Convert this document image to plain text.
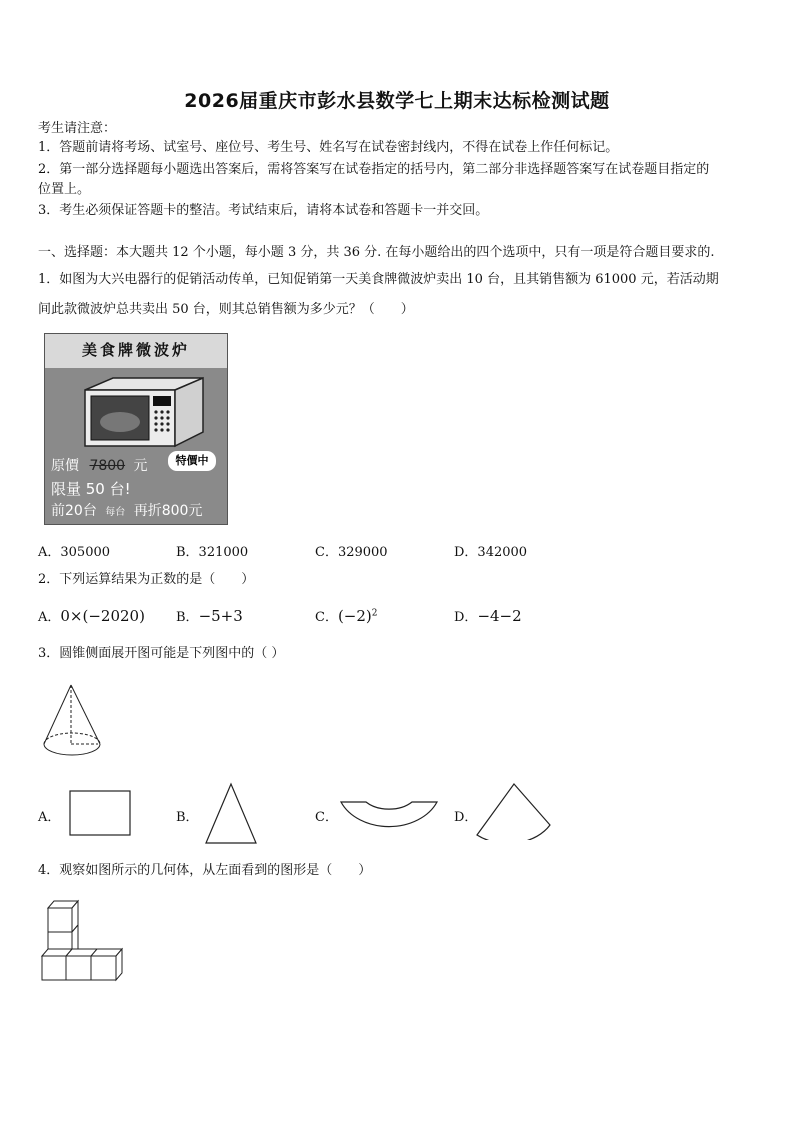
2026届重庆市彭水县数学七上期末达标检测试题
考生请注意：
1．答题前请将考场、试室号、座位号、考生号、姓名写在试卷密封线内，不得在试卷上作任何标记。
2．第一部分选择题每小题选出答案后，需将答案写在试卷指定的括号内，第二部分非选择题答案写在试卷题目指定的
位置上。
3．考生必须保证答题卡的整洁。考试结束后，请将本试卷和答题卡一并交回。
一、选择题：本大题共 12 个小题，每小题 3 分，共 36 分. 在每小题给出的四个选项中，只有一项是符合题目要求的.
1．如图为大兴电器行的促销活动传单，已知促销第一天美食牌微波炉卖出 10 台，且其销售额为 61000 元，若活动期
间此款微波炉总共卖出 50 台，则其总销售额为多少元？（　　）
美食牌微波炉
原價 7800 元	特價中
限量 50 台!
前20台 每台 再折800元
A．305000	B．321000	C．329000	D．342000
2．下列运算结果为正数的是（　　）
A．0×(−2020) B．−5+3	C．$(-2)^2$	D．−4−2
3．圆锥侧面展开图可能是下列图中的（ ）
A．	B．	C．	D．
4．观察如图所示的几何体，从左面看到的图形是（　　）
